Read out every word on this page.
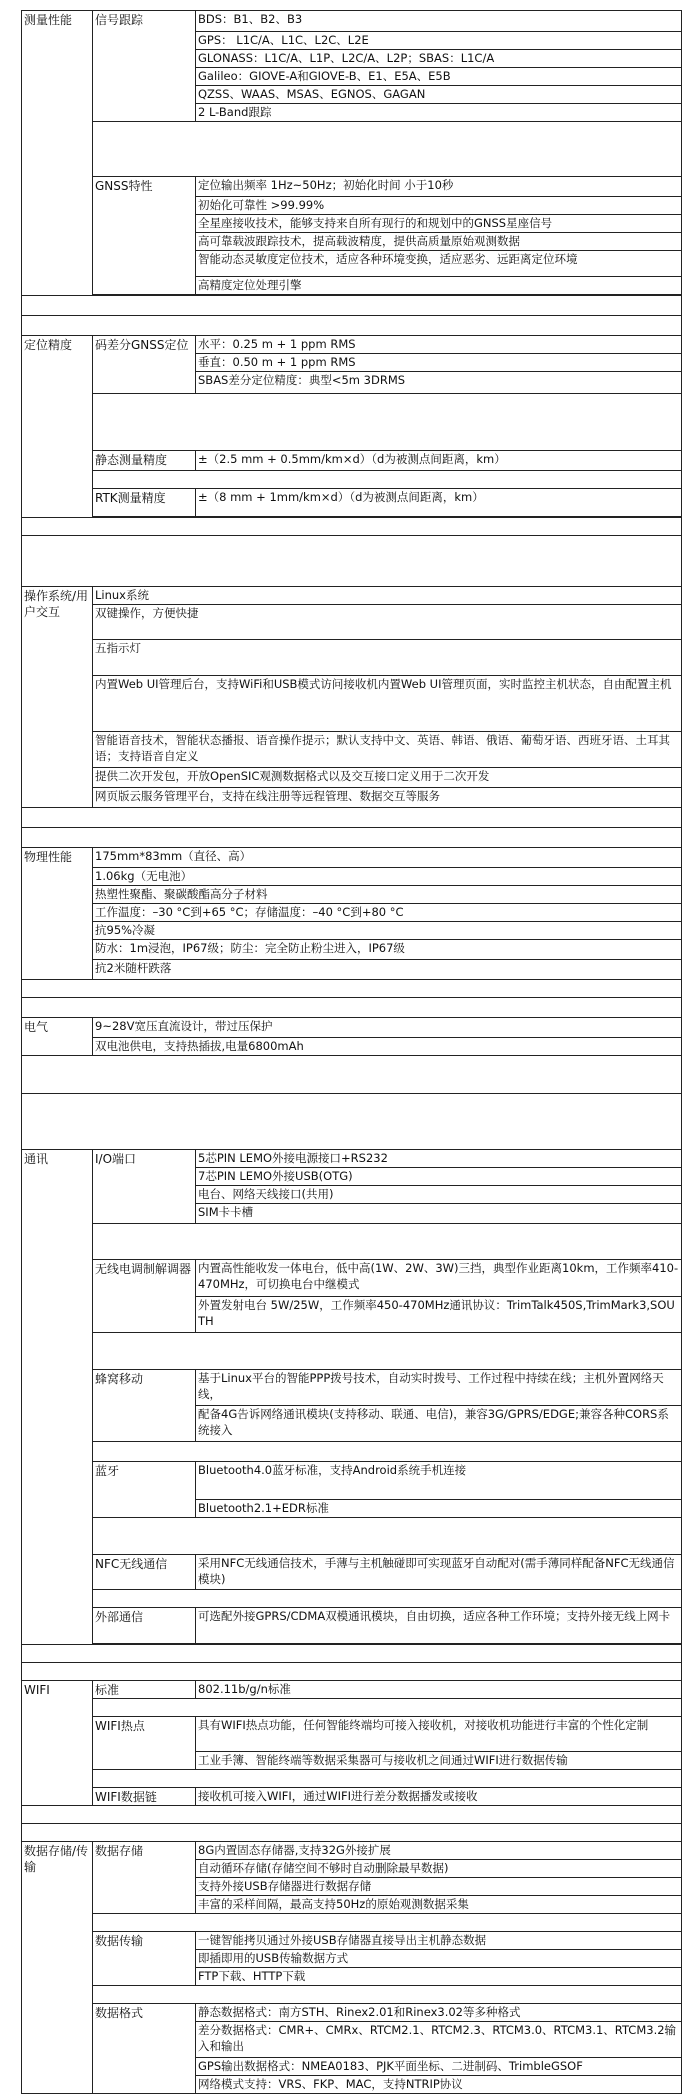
测量性能	信号跟踪	BDS：B1、B2、B3
		GPS： L1C/A、L1C、L2C、L2E
		GLONASS：L1C/A、L1P、L2C/A、L2P；SBAS：L1C/A
		Galileo：GIOVE-A和GIOVE-B、E1、E5A、E5B
		QZSS、WAAS、MSAS、EGNOS、GAGAN
		2 L-Band跟踪

	GNSS特性	定位输出频率 1Hz~50Hz；初始化时间 小于10秒
		初始化可靠性 >99.99%
		全星座接收技术，能够支持来自所有现行的和规划中的GNSS星座信号
		高可靠载波跟踪技术，提高载波精度，提供高质量原始观测数据
		智能动态灵敏度定位技术，适应各种环境变换，适应恶劣、远距离定位环境
		高精度定位处理引擎

定位精度	码差分GNSS定位	水平：0.25 m + 1 ppm RMS
		垂直：0.50 m + 1 ppm RMS
		SBAS差分定位精度：典型<5m 3DRMS

	静态测量精度	±（2.5 mm + 0.5mm/km×d）（d为被测点间距离，km）

	RTK测量精度	±（8 mm + 1mm/km×d）（d为被测点间距离，km）

操作系统/用户交互	Linux系统	
	双键操作，方便快捷	
	五指示灯	
	内置Web UI管理后台，支持WiFi和USB模式访问接收机内置Web UI管理页面，实时监控主机状态，自由配置主机	
	智能语音技术，智能状态播报、语音操作提示；默认支持中文、英语、韩语、俄语、葡萄牙语、西班牙语、土耳其语；支持语音自定义	
	提供二次开发包，开放OpenSIC观测数据格式以及交互接口定义用于二次开发	
	网页版云服务管理平台，支持在线注册等远程管理、数据交互等服务	

物理性能	175mm*83mm（直径、高）	
	1.06kg（无电池）	
	热塑性聚酯、聚碳酸酯高分子材料	
	工作温度：–30 °C到+65 °C；存储温度：–40 °C到+80 °C	
	抗95%冷凝	
	防水：1m浸泡，IP67级；防尘：完全防止粉尘进入，IP67级	
	抗2米随杆跌落	

电气	9~28V宽压直流设计，带过压保护	
	双电池供电，支持热插拔,电量6800mAh	

通讯	I/O端口	5芯PIN LEMO外接电源接口+RS232
		7芯PIN LEMO外接USB(OTG)
		电台、网络天线接口(共用)
		SIM卡卡槽

	无线电调制解调器	内置高性能收发一体电台，低中高(1W、2W、3W)三挡，典型作业距离10km，工作频率410-470MHz，可切换电台中继模式
		外置发射电台 5W/25W，工作频率450-470MHz通讯协议：TrimTalk450S,TrimMark3,SOUTH

	蜂窝移动	基于Linux平台的智能PPP拨号技术，自动实时拨号、工作过程中持续在线；主机外置网络天线，
		配备4G告诉网络通讯模块(支持移动、联通、电信)，兼容3G/GPRS/EDGE;兼容各种CORS系统接入

	蓝牙	Bluetooth4.0蓝牙标准，支持Android系统手机连接
		Bluetooth2.1+EDR标准

	NFC无线通信	采用NFC无线通信技术，手薄与主机触碰即可实现蓝牙自动配对(需手薄同样配备NFC无线通信模块)

	外部通信	可选配外接GPRS/CDMA双模通讯模块，自由切换，适应各种工作环境；支持外接无线上网卡

WIFI	标准	802.11b/g/n标准

	WIFI热点	具有WIFI热点功能，任何智能终端均可接入接收机，对接收机功能进行丰富的个性化定制
		工业手簿、智能终端等数据采集器可与接收机之间通过WIFI进行数据传输

	WIFI数据链	接收机可接入WIFI，通过WIFI进行差分数据播发或接收

数据存储/传输	数据存储	8G内置固态存储器,支持32G外接扩展
		自动循环存储(存储空间不够时自动删除最早数据)
		支持外接USB存储器进行数据存储
		丰富的采样间隔，最高支持50Hz的原始观测数据采集

	数据传输	一键智能拷贝通过外接USB存储器直接导出主机静态数据
		即插即用的USB传输数据方式
		FTP下载、HTTP下载

	数据格式	静态数据格式：南方STH、Rinex2.01和Rinex3.02等多种格式
		差分数据格式：CMR+、CMRx、RTCM2.1、RTCM2.3、RTCM3.0、RTCM3.1、RTCM3.2输入和输出
		GPS输出数据格式：NMEA0183、PJK平面坐标、二进制码、TrimbleGSOF
		网络模式支持：VRS、FKP、MAC，支持NTRIP协议
